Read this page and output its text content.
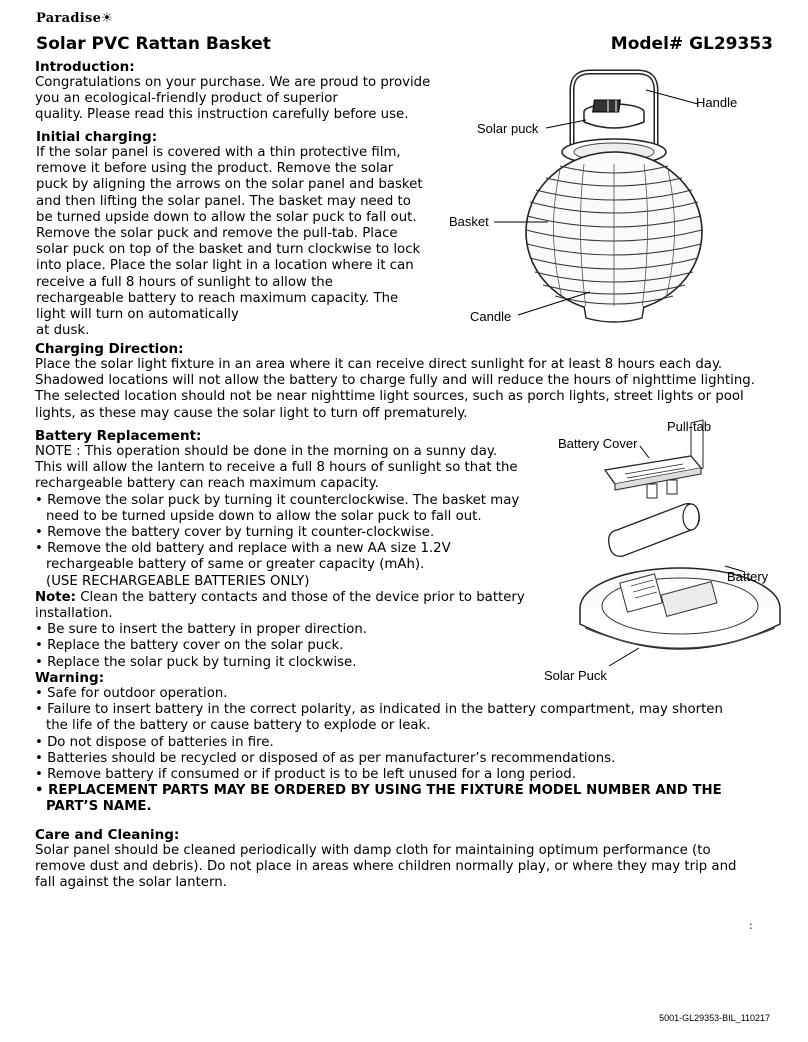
Paradise☀
Solar PVC Rattan Basket	Model# GL29353
Introduction:
Congratulations on your purchase. We are proud to provide
you an ecological-friendly product of superior
quality. Please read this instruction carefully before use.
Initial charging:
If the solar panel is covered with a thin protective film,
remove it before using the product. Remove the solar
puck by aligning the arrows on the solar panel and basket
and then lifting the solar panel. The basket may need to
be turned upside down to allow the solar puck to fall out.
Remove the solar puck and remove the pull-tab. Place
solar puck on top of the basket and turn clockwise to lock
into place. Place the solar light in a location where it can
receive a full 8 hours of sunlight to allow the
rechargeable battery to reach maximum capacity. The
light will turn on automatically
at dusk.
Handle
Solar puck
Basket
Candle
Charging Direction:
Place the solar light fixture in an area where it can receive direct sunlight for at least 8 hours each day.
Shadowed locations will not allow the battery to charge fully and will reduce the hours of nighttime lighting.
The selected location should not be near nighttime light sources, such as porch lights, street lights or pool
lights, as these may cause the solar light to turn off prematurely.
Battery Replacement:
NOTE : This operation should be done in the morning on a sunny day.
This will allow the lantern to receive a full 8 hours of sunlight so that the
rechargeable battery can reach maximum capacity.
• Remove the solar puck by turning it counterclockwise. The basket may
need to be turned upside down to allow the solar puck to fall out.
• Remove the battery cover by turning it counter-clockwise.
• Remove the old battery and replace with a new AA size 1.2V
rechargeable battery of same or greater capacity (mAh).
(USE RECHARGEABLE BATTERIES ONLY)
Note: Clean the battery contacts and those of the device prior to battery
installation.
• Be sure to insert the battery in proper direction.
• Replace the battery cover on the solar puck.
• Replace the solar puck by turning it clockwise.
Pull-tab
Battery Cover
Battery
Solar Puck
Warning:
• Safe for outdoor operation.
• Failure to insert battery in the correct polarity, as indicated in the battery compartment, may shorten
the life of the battery or cause battery to explode or leak.
• Do not dispose of batteries in fire.
• Batteries should be recycled or disposed of as per manufacturer’s recommendations.
• Remove battery if consumed or if product is to be left unused for a long period.
• REPLACEMENT PARTS MAY BE ORDERED BY USING THE FIXTURE MODEL NUMBER AND THE
PART’S NAME.
Care and Cleaning:
Solar panel should be cleaned periodically with damp cloth for maintaining optimum performance (to
remove dust and debris). Do not place in areas where children normally play, or where they may trip and
fall against the solar lantern.
:
5001-GL29353-BIL_110217
